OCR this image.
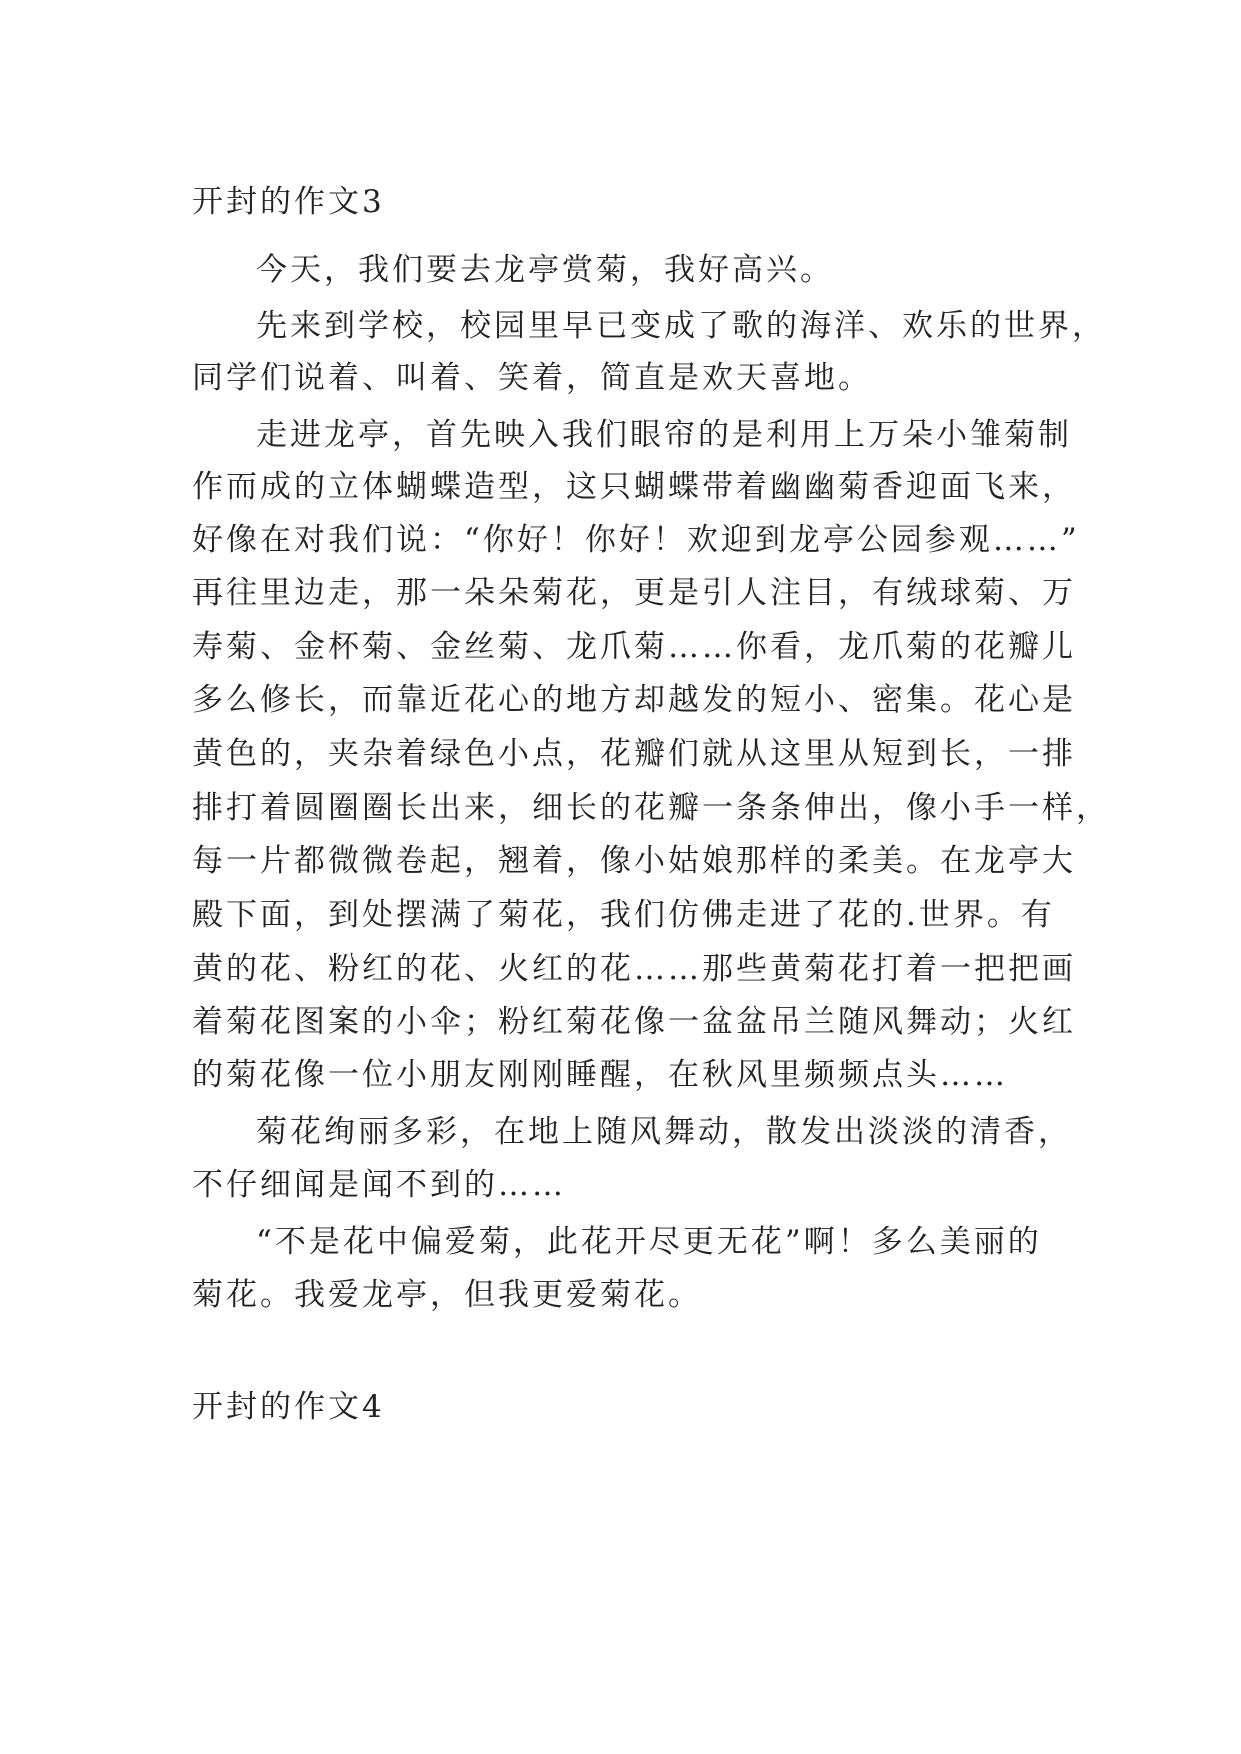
开封的作文3
今天，我们要去龙亭赏菊，我好高兴。
先来到学校，校园里早已变成了歌的海洋、欢乐的世界，
同学们说着、叫着、笑着，简直是欢天喜地。
走进龙亭，首先映入我们眼帘的是利用上万朵小雏菊制
作而成的立体蝴蝶造型，这只蝴蝶带着幽幽菊香迎面飞来，
好像在对我们说：“你好！你好！欢迎到龙亭公园参观……”
再往里边走，那一朵朵菊花，更是引人注目，有绒球菊、万
寿菊、金杯菊、金丝菊、龙爪菊……你看，龙爪菊的花瓣儿
多么修长，而靠近花心的地方却越发的短小、密集。花心是
黄色的，夹杂着绿色小点，花瓣们就从这里从短到长，一排
排打着圆圈圈长出来，细长的花瓣一条条伸出，像小手一样，
每一片都微微卷起，翘着，像小姑娘那样的柔美。在龙亭大
殿下面，到处摆满了菊花，我们仿佛走进了花的.世界。有
黄的花、粉红的花、火红的花……那些黄菊花打着一把把画
着菊花图案的小伞；粉红菊花像一盆盆吊兰随风舞动；火红
的菊花像一位小朋友刚刚睡醒，在秋风里频频点头……
菊花绚丽多彩，在地上随风舞动，散发出淡淡的清香，
不仔细闻是闻不到的……
“不是花中偏爱菊，此花开尽更无花”啊！多么美丽的
菊花。我爱龙亭，但我更爱菊花。
开封的作文4
